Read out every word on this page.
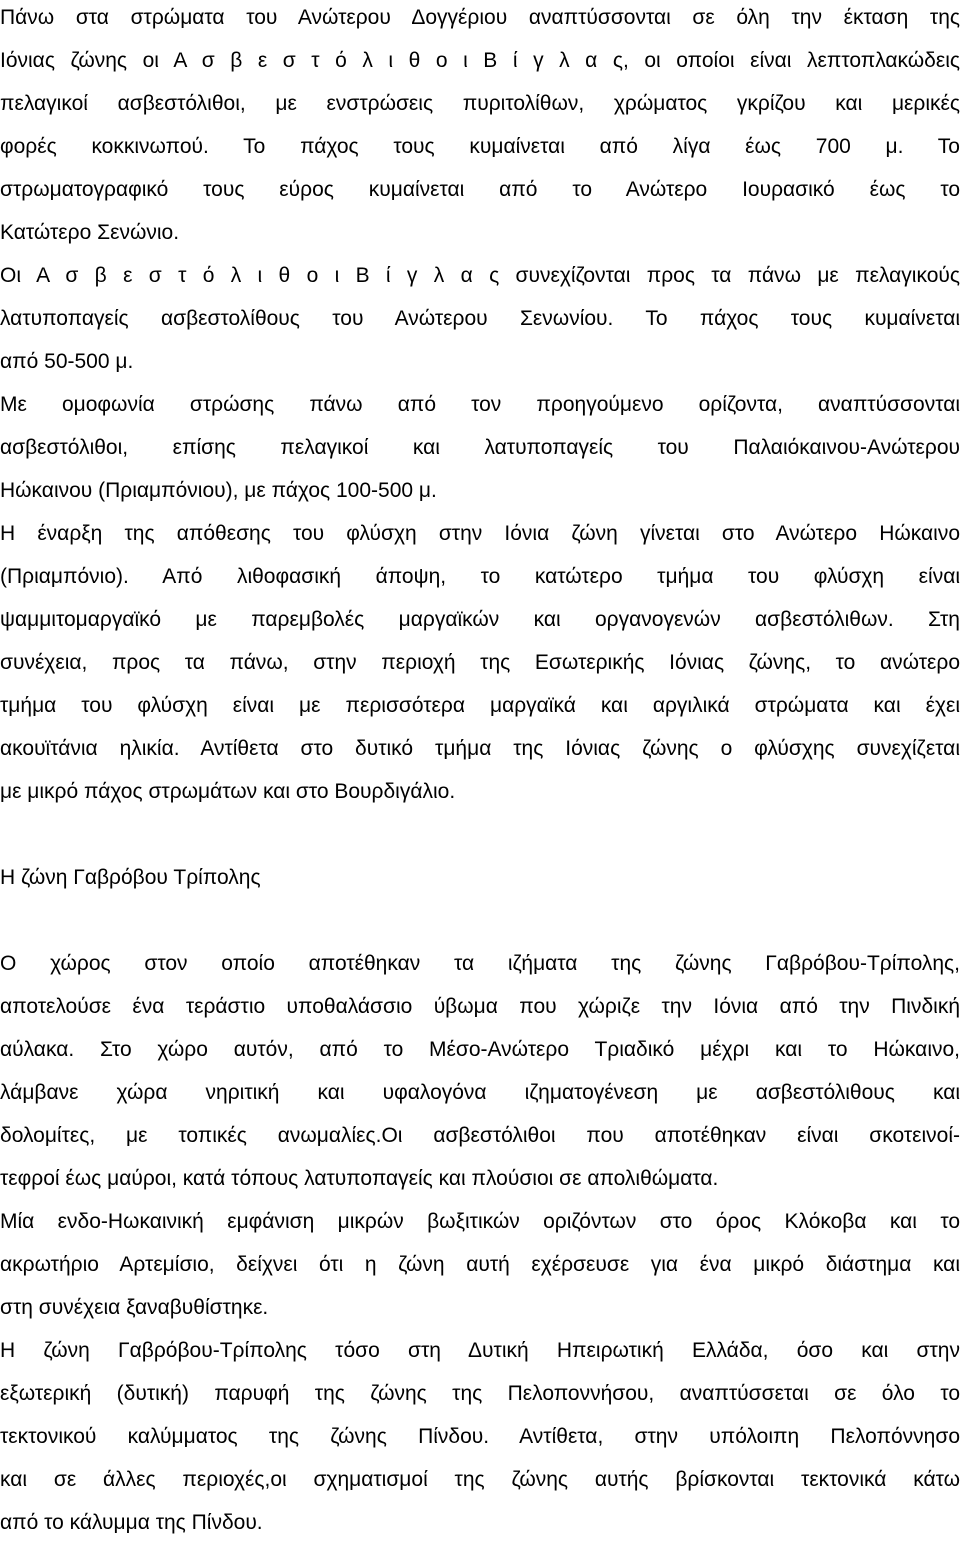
Πάνω στα στρώματα του Ανώτερου Δογγέριου αναπτύσσονται σε όλη την έκταση της
Ιόνιας ζώνης οι Α σ β ε σ τ ό λ ι θ ο ι Β ί γ λ α ς, οι οποίοι είναι λεπτοπλακώδεις
πελαγικοί ασβεστόλιθοι, με ενστρώσεις πυριτολίθων, χρώματος γκρίζου και μερικές
φορές κοκκινωπού. Το πάχος τους κυμαίνεται από λίγα έως 700 μ. Το
στρωματογραφικό τους εύρος κυμαίνεται από το Ανώτερο Ιουρασικό έως το
Κατώτερο Σενώνιο.
Οι Α σ β ε σ τ ό λ ι θ ο ι Β ί γ λ α ς συνεχίζονται προς τα πάνω με πελαγικούς
λατυποπαγείς ασβεστολίθους του Ανώτερου Σενωνίου. Το πάχος τους κυμαίνεται
από 50-500 μ.
Με ομοφωνία στρώσης πάνω από τον προηγούμενο ορίζοντα, αναπτύσσονται
ασβεστόλιθοι, επίσης πελαγικοί και λατυποπαγείς του Παλαιόκαινου-Ανώτερου
Ηώκαινου (Πριαμπόνιου), με πάχος 100-500 μ.
Η έναρξη της απόθεσης του φλύσχη στην Ιόνια ζώνη γίνεται στο Ανώτερο Ηώκαινο
(Πριαμπόνιο). Από λιθοφασική άποψη, το κατώτερο τμήμα του φλύσχη είναι
ψαμμιτομαργαϊκό με παρεμβολές μαργαϊκών και οργανογενών ασβεστόλιθων. Στη
συνέχεια, προς τα πάνω, στην περιοχή της Εσωτερικής Ιόνιας ζώνης, το ανώτερο
τμήμα του φλύσχη είναι με περισσότερα μαργαϊκά και αργιλικά στρώματα και έχει
ακουϊτάνια ηλικία. Αντίθετα στο δυτικό τμήμα της Ιόνιας ζώνης ο φλύσχης συνεχίζεται
με μικρό πάχος στρωμάτων και στο Βουρδιγάλιο.
Η ζώνη Γαβρόβου Τρίπολης
Ο χώρος στον οποίο αποτέθηκαν τα ιζήματα της ζώνης Γαβρόβου-Τρίπολης,
αποτελούσε ένα τεράστιο υποθαλάσσιο ύβωμα που χώριζε την Ιόνια από την Πινδική
αύλακα. Στο χώρο αυτόν, από το Μέσο-Ανώτερο Τριαδικό μέχρι και το Ηώκαινο,
λάμβανε χώρα νηριτική και υφαλογόνα ιζηματογένεση με ασβεστόλιθους και
δολομίτες, με τοπικές ανωμαλίες.Οι ασβεστόλιθοι που αποτέθηκαν είναι σκοτεινοί-
τεφροί έως μαύροι, κατά τόπους λατυποπαγείς και πλούσιοι σε απολιθώματα.
Μία ενδο-Ηωκαινική εμφάνιση μικρών βωξιτικών οριζόντων στο όρος Κλόκοβα και το
ακρωτήριο Αρτεμίσιο, δείχνει ότι η ζώνη αυτή εχέρσευσε για ένα μικρό διάστημα και
στη συνέχεια ξαναβυθίστηκε.
Η ζώνη Γαβρόβου-Τρίπολης τόσο στη Δυτική Ηπειρωτική Ελλάδα, όσο και στην
εξωτερική (δυτική) παρυφή της ζώνης της Πελοποννήσου, αναπτύσσεται σε όλο το
τεκτονικού καλύμματος της ζώνης Πίνδου. Αντίθετα, στην υπόλοιπη Πελοπόννησο
και σε άλλες περιοχές,οι σχηματισμοί της ζώνης αυτής βρίσκονται τεκτονικά κάτω
από το κάλυμμα της Πίνδου.
